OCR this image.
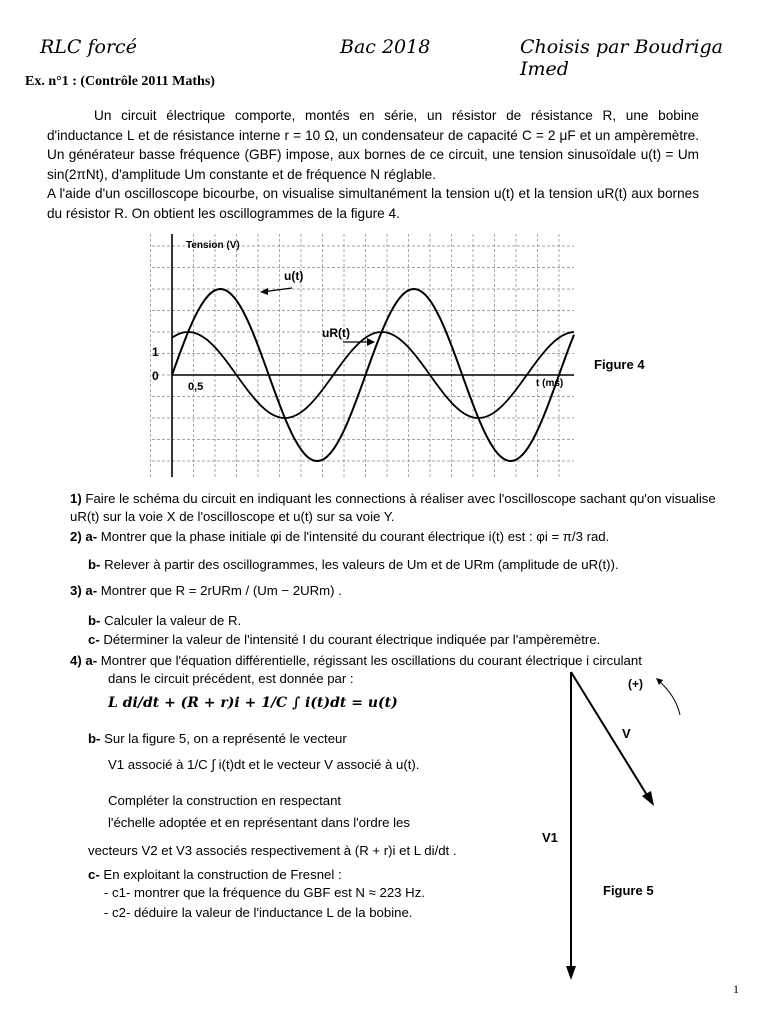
RLC forcé	Bac 2018	Choisis par Boudriga Imed
Ex. n°1 : (Contrôle 2011 Maths)

Un circuit électrique comporte, montés en série, un résistor de résistance R, une bobine d'inductance L et de résistance interne r = 10 Ω, un condensateur de capacité C = 2 μF et un ampèremètre. Un générateur basse fréquence (GBF) impose, aux bornes de ce circuit, une tension sinusoïdale u(t) = Um sin(2πNt), d'amplitude Um constante et de fréquence N réglable.

A l'aide d'un oscilloscope bicourbe, on visualise simultanément la tension u(t) et la tension uR(t) aux bornes du résistor R. On obtient les oscillogrammes de la figure 4.

Tension (V)
t (ms)
1
0
0,5
u(t)
uR(t)
Figure 4
1) Faire le schéma du circuit en indiquant les connections à réaliser avec l'oscilloscope sachant qu'on visualise uR(t) sur la voie X de l'oscilloscope et u(t) sur sa voie Y.
2) a- Montrer que la phase initiale φi de l'intensité du courant électrique i(t) est : φi = π/3 rad.
b- Relever à partir des oscillogrammes, les valeurs de Um et de URm (amplitude de uR(t)).
3) a- Montrer que R = 2rURm / (Um − 2URm) .
b- Calculer la valeur de R.
c- Déterminer la valeur de l'intensité I du courant électrique indiquée par l'ampèremètre.
4) a- Montrer que l'équation différentielle, régissant les oscillations du courant électrique i circulant
dans le circuit précédent, est donnée par :
L di/dt + (R + r)i + 1/C ∫ i(t)dt = u(t)
b- Sur la figure 5, on a représenté le vecteur
V1 associé à 1/C ∫ i(t)dt et le vecteur V associé à u(t).
Compléter la construction en respectant
l'échelle adoptée et en représentant dans l'ordre les
vecteurs V2 et V3 associés respectivement à (R + r)i et L di/dt .
c- En exploitant la construction de Fresnel :
- c1- montrer que la fréquence du GBF est N ≈ 223 Hz.
- c2- déduire la valeur de l'inductance L de la bobine.
(+)
V
V1
Figure 5
1
